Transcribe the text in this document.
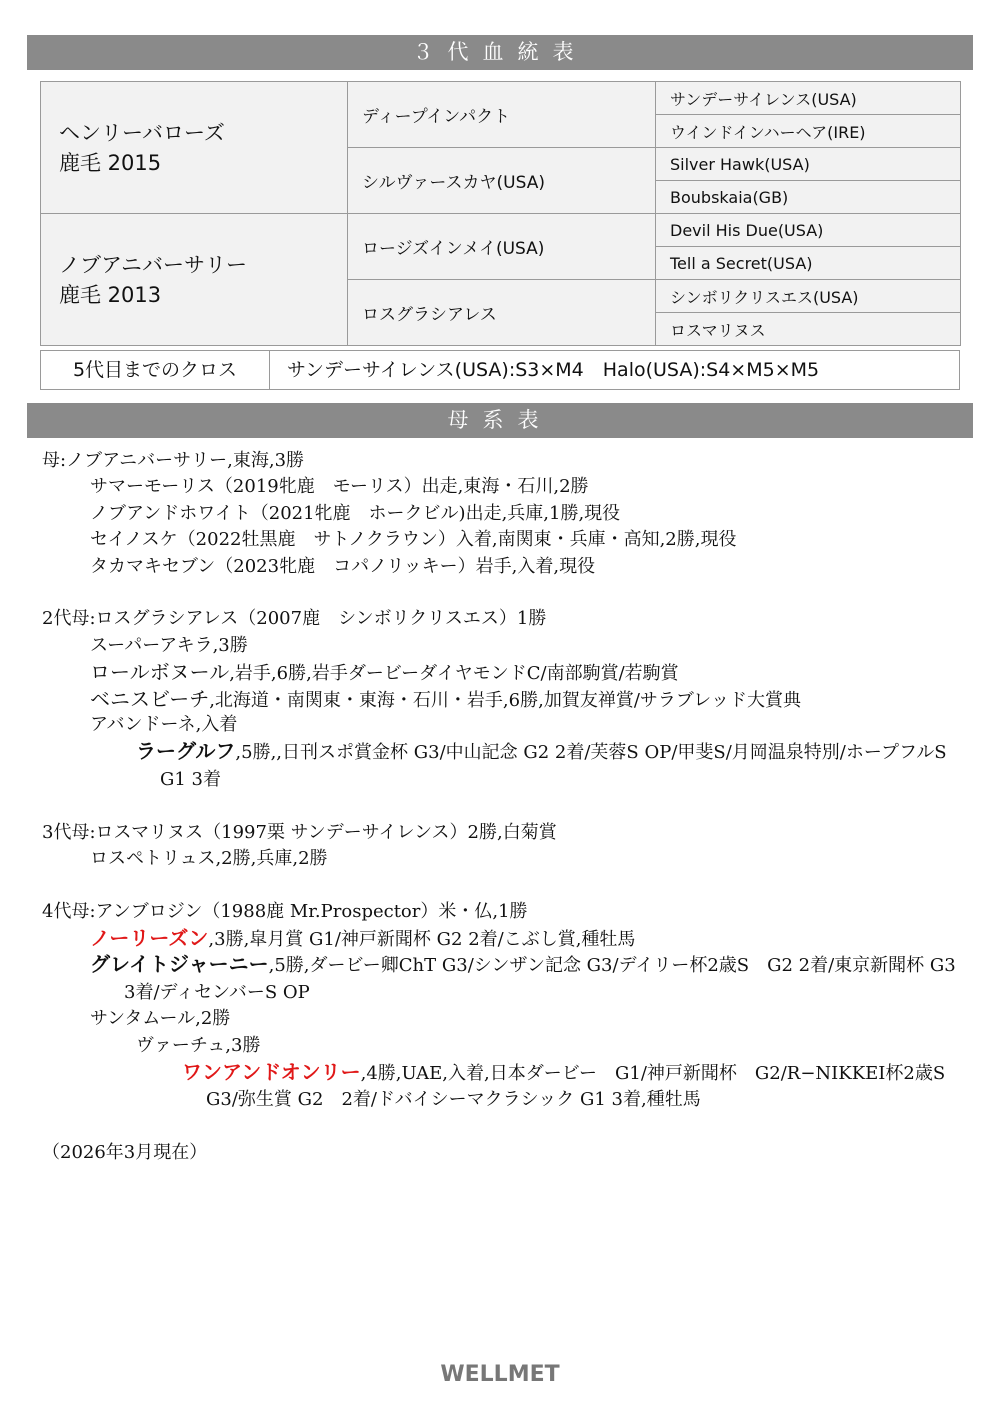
３代血統表
ヘンリーバローズ
鹿毛 2015	ディープインパクト	サンデーサイレンス(USA)
		ウインドインハーヘア(IRE)
	シルヴァースカヤ(USA)	Silver Hawk(USA)
		Boubskaia(GB)

ノブアニバーサリー
鹿毛 2013	ロージズインメイ(USA)	Devil His Due(USA)
		Tell a Secret(USA)
	ロスグラシアレス	シンボリクリスエス(USA)
		ロスマリヌス
5代目までのクロス	サンデーサイレンス(USA):S3×M4　Halo(USA):S4×M5×M5
母系表
母:ノブアニバーサリー,東海,3勝
サマーモーリス（2019牝鹿　モーリス）出走,東海・石川,2勝
ノブアンドホワイト（2021牝鹿　ホークビル)出走,兵庫,1勝,現役
セイノスケ（2022牡黒鹿　サトノクラウン）入着,南関東・兵庫・高知,2勝,現役
タカマキセブン（2023牝鹿　コパノリッキー）岩手,入着,現役
2代母:ロスグラシアレス（2007鹿　シンボリクリスエス）1勝
スーパーアキラ,3勝
ロールボヌール,岩手,6勝,岩手ダービーダイヤモンドC/南部駒賞/若駒賞
ベニスビーチ,北海道・南関東・東海・石川・岩手,6勝,加賀友禅賞/サラブレッド大賞典
アバンドーネ,入着
ラーグルフ,5勝,,日刊スポ賞金杯 G3/中山記念 G2 2着/芙蓉S OP/甲斐S/月岡温泉特別/ホープフルS G1 3着
3代母:ロスマリヌス（1997栗 サンデーサイレンス）2勝,白菊賞
ロスペトリュス,2勝,兵庫,2勝
4代母:アンブロジン（1988鹿 Mr.Prospector）米・仏,1勝
ノーリーズン,3勝,皐月賞 G1/神戸新聞杯 G2 2着/こぶし賞,種牡馬
グレイトジャーニー,5勝,ダービー卿ChT G3/シンザン記念 G3/デイリー杯2歳S　G2 2着/東京新聞杯 G3 3着/ディセンバーS OP
サンタムール,2勝
ヴァーチュ,3勝
ワンアンドオンリー,4勝,UAE,入着,日本ダービー　G1/神戸新聞杯　G2/R−NIKKEI杯2歳S G3/弥生賞 G2　2着/ドバイシーマクラシック G1 3着,種牡馬
（2026年3月現在）
WELLMET
